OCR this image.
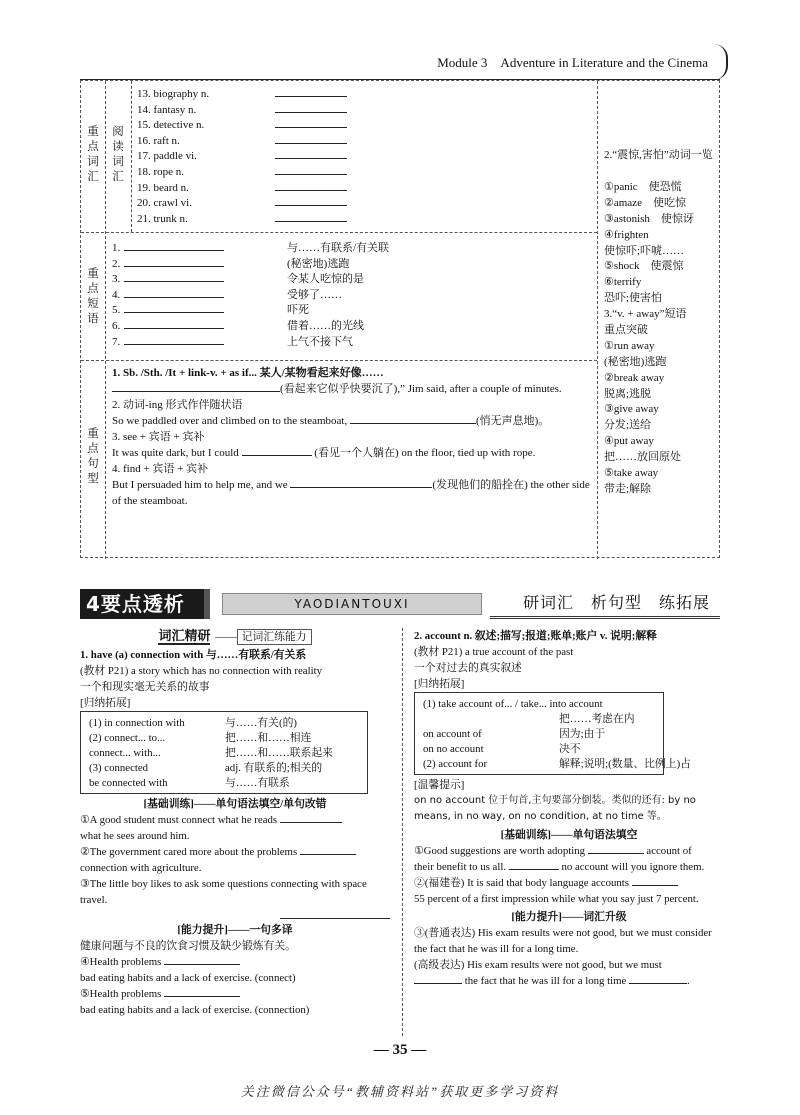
Module 3　Adventure in Literature and the Cinema
重点词汇
阅读词汇
重点短语
重点句型
13. biography n.
14. fantasy n.
15. detective n.
16. raft n.
17. paddle vi.
18. rope n.
19. beard n.
20. crawl vi.
21. trunk n.
1.	与……有联系/有关联
2.	(秘密地)逃跑
3.	令某人吃惊的是
4.	受够了……
5.	吓死
6.	借着……的光线
7.	上气不接下气

1. Sb. /Sth. /It + link-v. + as if... 某人/某物看起来好像……

(看起来它似乎快要沉了),” Jim said, after a couple of minutes.

2. 动词-ing 形式作伴随状语

So we paddled over and climbed on to the steamboat,	(悄无声息地)。

3. see + 宾语 + 宾补

It was quite dark, but I could	(看见一个人躺在) on the floor, tied up with rope.

4. find + 宾语 + 宾补

But I persuaded him to help me, and we	(发现他们的船拴在) the other side of the steamboat.

2.“震惊,害怕”动词一览
①panic　使恐慌
②amaze　使吃惊
③astonish　使惊讶
④frighten
使惊吓;吓唬……
⑤shock　使震惊
⑥terrify
恐吓;使害怕
3.“v. + away”短语
重点突破
①run away
(秘密地)逃跑
②break away
脱离;逃脱
③give away
分发;送给
④put away
把……放回原处
⑤take away
带走;解除
4要点透析	YAODIANTOUXI	研词汇　析句型　练拓展
词汇精研 —— 记词汇练能力
1. have (a) connection with 与……有联系/有关系
(教材 P21) a story which has no connection with reality
一个和现实毫无关系的故事
[归纳拓展]
(1) in connection with	与……有关(的)
(2) connect... to...	把……和……相连
connect... with...	把……和……联系起来
(3) connected	adj. 有联系的;相关的
be connected with	与……有联系
[基础训练]——单句语法填空/单句改错
①A good student must connect what he reads
what he sees around him.
②The government cared more about the problems
connection with agriculture.
③The little boy likes to ask some questions connecting with space travel.
[能力提升]——一句多译
健康问题与不良的饮食习惯及缺少锻炼有关。
④Health problems
bad eating habits and a lack of exercise. (connect)
⑤Health problems
bad eating habits and a lack of exercise. (connection)
2. account n. 叙述;描写;报道;账单;账户 v. 说明;解释
(教材 P21) a true account of the past
一个对过去的真实叙述
[归纳拓展]
(1) take account of... / take... into account
把……考虑在内
on account of	因为;由于
on no account	决不
(2) account for	解释;说明;(数量、比例上)占
[温馨提示]
on no account 位于句首,主句要部分倒装。类似的还有: by no means, in no way, on no condition, at no time 等。
[基础训练]——单句语法填空
①Good suggestions are worth adopting	account of
their benefit to us all.	no account will you ignore them.
②(福建卷) It is said that body language accounts
55 percent of a first impression while what you say just 7 percent.
[能力提升]——词汇升级
③(普通表达) His exam results were not good, but we must consider the fact that he was ill for a long time.
(高级表达) His exam results were not good, but we must
the fact that he was ill for a long time	.
— 35 —
关注微信公众号“教辅资料站”获取更多学习资料
